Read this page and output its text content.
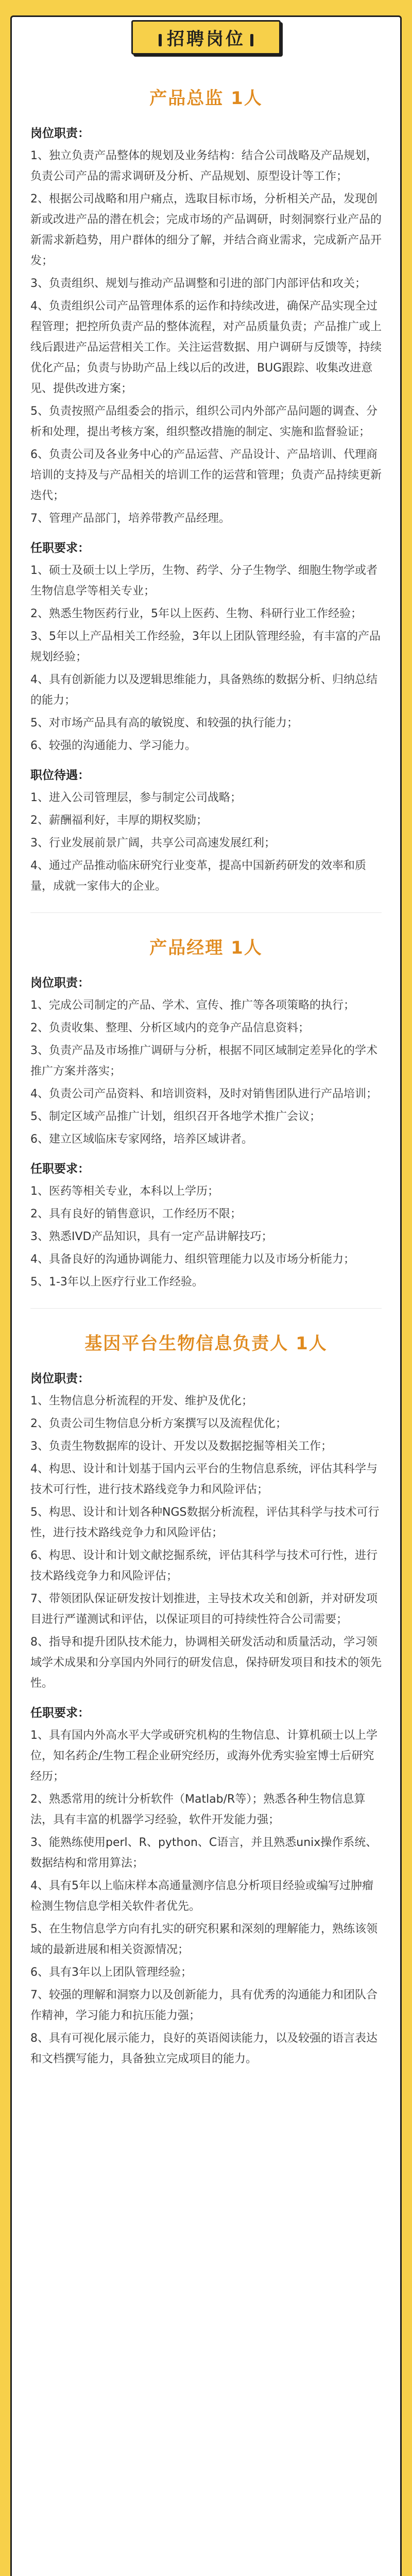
招聘岗位
产品总监 1人
岗位职责：
1、独立负责产品整体的规划及业务结构：结合公司战略及产品规划，负责公司产品的需求调研及分析、产品规划、原型设计等工作；
2、根据公司战略和用户痛点，选取目标市场，分析相关产品，发现创新或改进产品的潜在机会；完成市场的产品调研，时刻洞察行业产品的新需求新趋势，用户群体的细分了解，并结合商业需求，完成新产品开发；
3、负责组织、规划与推动产品调整和引进的部门内部评估和攻关；
4、负责组织公司产品管理体系的运作和持续改进，确保产品实现全过程管理；把控所负责产品的整体流程，对产品质量负责；产品推广或上线后跟进产品运营相关工作。关注运营数据、用户调研与反馈等，持续优化产品；负责与协助产品上线以后的改进，BUG跟踪、收集改进意见、提供改进方案；
5、负责按照产品组委会的指示，组织公司内外部产品问题的调查、分析和处理，提出考核方案，组织整改措施的制定、实施和监督验证；
6、负责公司及各业务中心的产品运营、产品设计、产品培训、代理商培训的支持及与产品相关的培训工作的运营和管理；负责产品持续更新迭代；
7、管理产品部门，培养带教产品经理。
任职要求：
1、硕士及硕士以上学历，生物、药学、分子生物学、细胞生物学或者生物信息学等相关专业；
2、熟悉生物医药行业，5年以上医药、生物、科研行业工作经验；
3、5年以上产品相关工作经验，3年以上团队管理经验，有丰富的产品规划经验；
4、具有创新能力以及逻辑思维能力，具备熟练的数据分析、归纳总结的能力；
5、对市场产品具有高的敏锐度、和较强的执行能力；
6、较强的沟通能力、学习能力。
职位待遇：
1、进入公司管理层，参与制定公司战略；
2、薪酬福利好，丰厚的期权奖励；
3、行业发展前景广阔，共享公司高速发展红利；
4、通过产品推动临床研究行业变革，提高中国新药研发的效率和质量，成就一家伟大的企业。
产品经理 1人
岗位职责：
1、完成公司制定的产品、学术、宣传、推广等各项策略的执行；
2、负责收集、整理、分析区域内的竞争产品信息资料；
3、负责产品及市场推广调研与分析，根据不同区域制定差异化的学术推广方案并落实；
4、负责公司产品资料、和培训资料，及时对销售团队进行产品培训；
5、制定区域产品推广计划，组织召开各地学术推广会议；
6、建立区域临床专家网络，培养区域讲者。
任职要求：
1、医药等相关专业，本科以上学历；
2、具有良好的销售意识，工作经历不限；
3、熟悉IVD产品知识，具有一定产品讲解技巧；
4、具备良好的沟通协调能力、组织管理能力以及市场分析能力；
5、1-3年以上医疗行业工作经验。
基因平台生物信息负责人 1人
岗位职责：
1、生物信息分析流程的开发、维护及优化；
2、负责公司生物信息分析方案撰写以及流程优化；
3、负责生物数据库的设计、开发以及数据挖掘等相关工作；
4、构思、设计和计划基于国内云平台的生物信息系统，评估其科学与技术可行性，进行技术路线竞争力和风险评估；
5、构思、设计和计划各种NGS数据分析流程，评估其科学与技术可行性，进行技术路线竞争力和风险评估；
6、构思、设计和计划文献挖掘系统，评估其科学与技术可行性，进行技术路线竞争力和风险评估；
7、带领团队保证研发按计划推进，主导技术攻关和创新，并对研发项目进行严谨测试和评估，以保证项目的可持续性符合公司需要；
8、指导和提升团队技术能力，协调相关研发活动和质量活动，学习领域学术成果和分享国内外同行的研发信息，保持研发项目和技术的领先性。
任职要求：
1、具有国内外高水平大学或研究机构的生物信息、计算机硕士以上学位，知名药企/生物工程企业研究经历，或海外优秀实验室博士后研究经历；
2、熟悉常用的统计分析软件（Matlab/R等）；熟悉各种生物信息算法，具有丰富的机器学习经验，软件开发能力强；
3、能熟练使用perl、R、python、C语言，并且熟悉unix操作系统、数据结构和常用算法；
4、具有5年以上临床样本高通量测序信息分析项目经验或编写过肿瘤检测生物信息学相关软件者优先。
5、在生物信息学方向有扎实的研究积累和深刻的理解能力，熟练该领域的最新进展和相关资源情况；
6、具有3年以上团队管理经验；
7、较强的理解和洞察力以及创新能力，具有优秀的沟通能力和团队合作精神，学习能力和抗压能力强；
8、具有可视化展示能力，良好的英语阅读能力，以及较强的语言表达和文档撰写能力，具备独立完成项目的能力。
